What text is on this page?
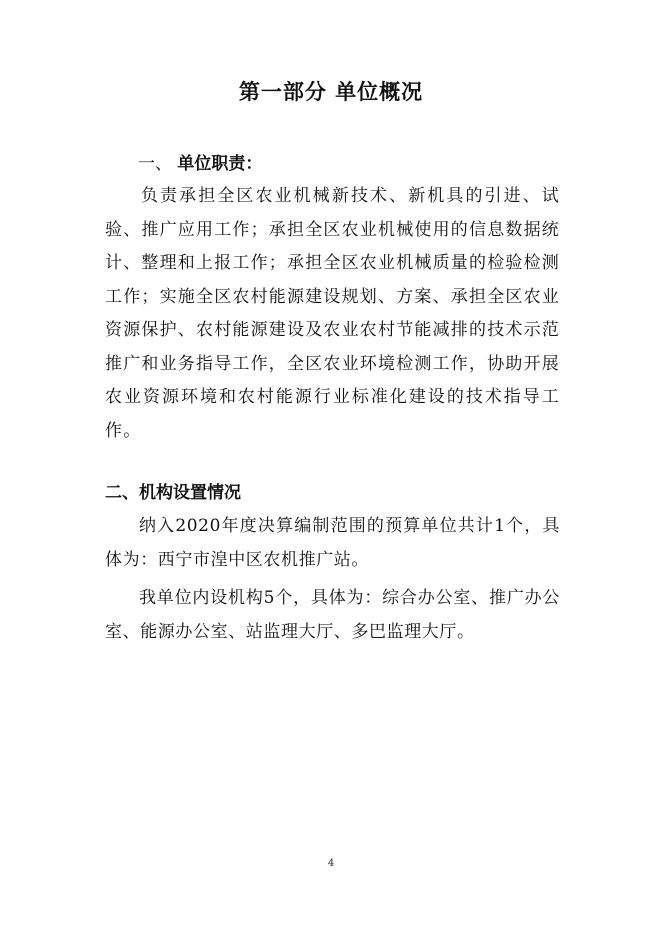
第一部分 单位概况
一、 单位职责：

负责承担全区农业机械新技术、新机具的引进、试验、推广应用工作；承担全区农业机械使用的信息数据统计、整理和上报工作；承担全区农业机械质量的检验检测工作；实施全区农村能源建设规划、方案、承担全区农业资源保护、农村能源建设及农业农村节能减排的技术示范推广和业务指导工作，全区农业环境检测工作，协助开展农业资源环境和农村能源行业标准化建设的技术指导工作。

二、机构设置情况

纳入2020年度决算编制范围的预算单位共计1个，具体为：西宁市湟中区农机推广站。

我单位内设机构5个，具体为：综合办公室、推广办公室、能源办公室、站监理大厅、多巴监理大厅。

4
